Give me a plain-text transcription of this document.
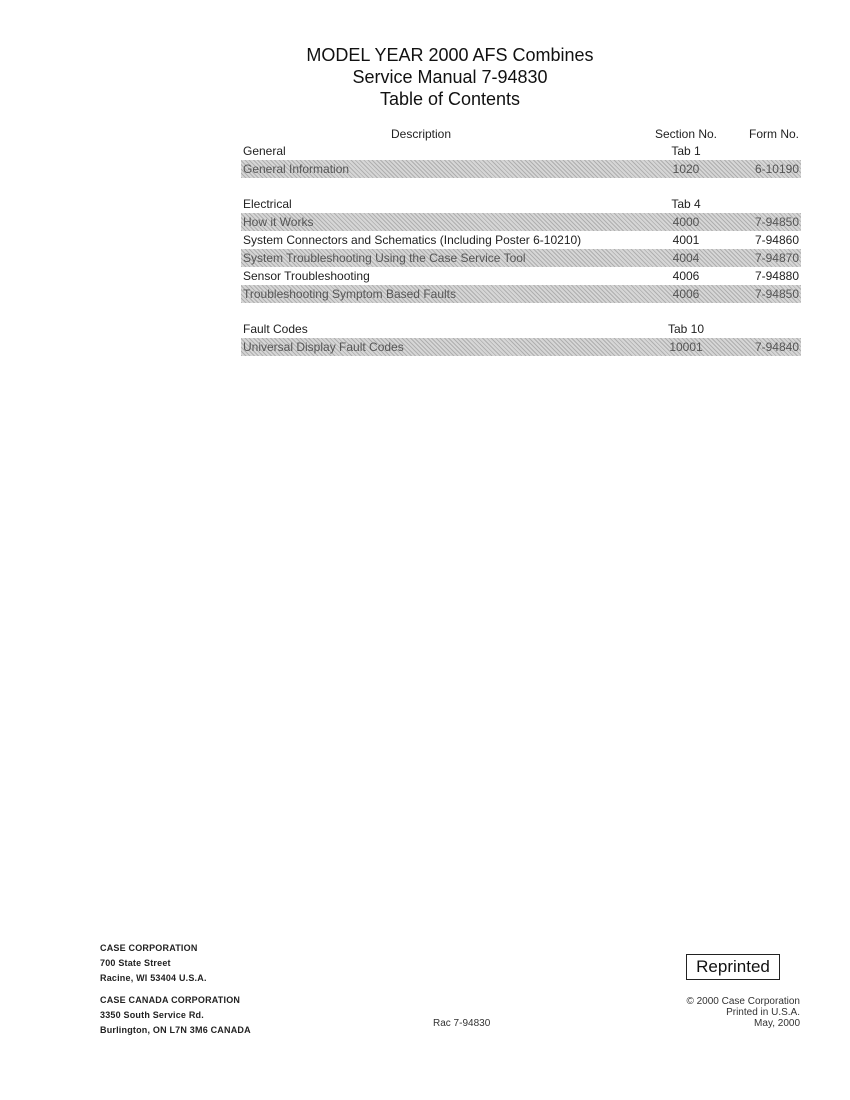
MODEL YEAR 2000 AFS Combines
Service Manual 7-94830
Table of Contents
Description	Section No.	Form No.
General	Tab 1
General Information	1020	6-10190
Electrical	Tab 4
How it Works	4000	7-94850
System Connectors and Schematics (Including Poster 6-10210)	4001	7-94860
System Troubleshooting Using the Case Service Tool	4004	7-94870
Sensor Troubleshooting	4006	7-94880
Troubleshooting Symptom Based Faults	4006	7-94850
Fault Codes	Tab 10
Universal Display Fault Codes	10001	7-94840
CASE CORPORATION
700 State Street
Racine, WI 53404 U.S.A.
CASE CANADA CORPORATION
3350 South Service Rd.
Burlington, ON L7N 3M6 CANADA
Rac 7-94830
Reprinted
© 2000 Case Corporation
Printed in U.S.A.
May, 2000
